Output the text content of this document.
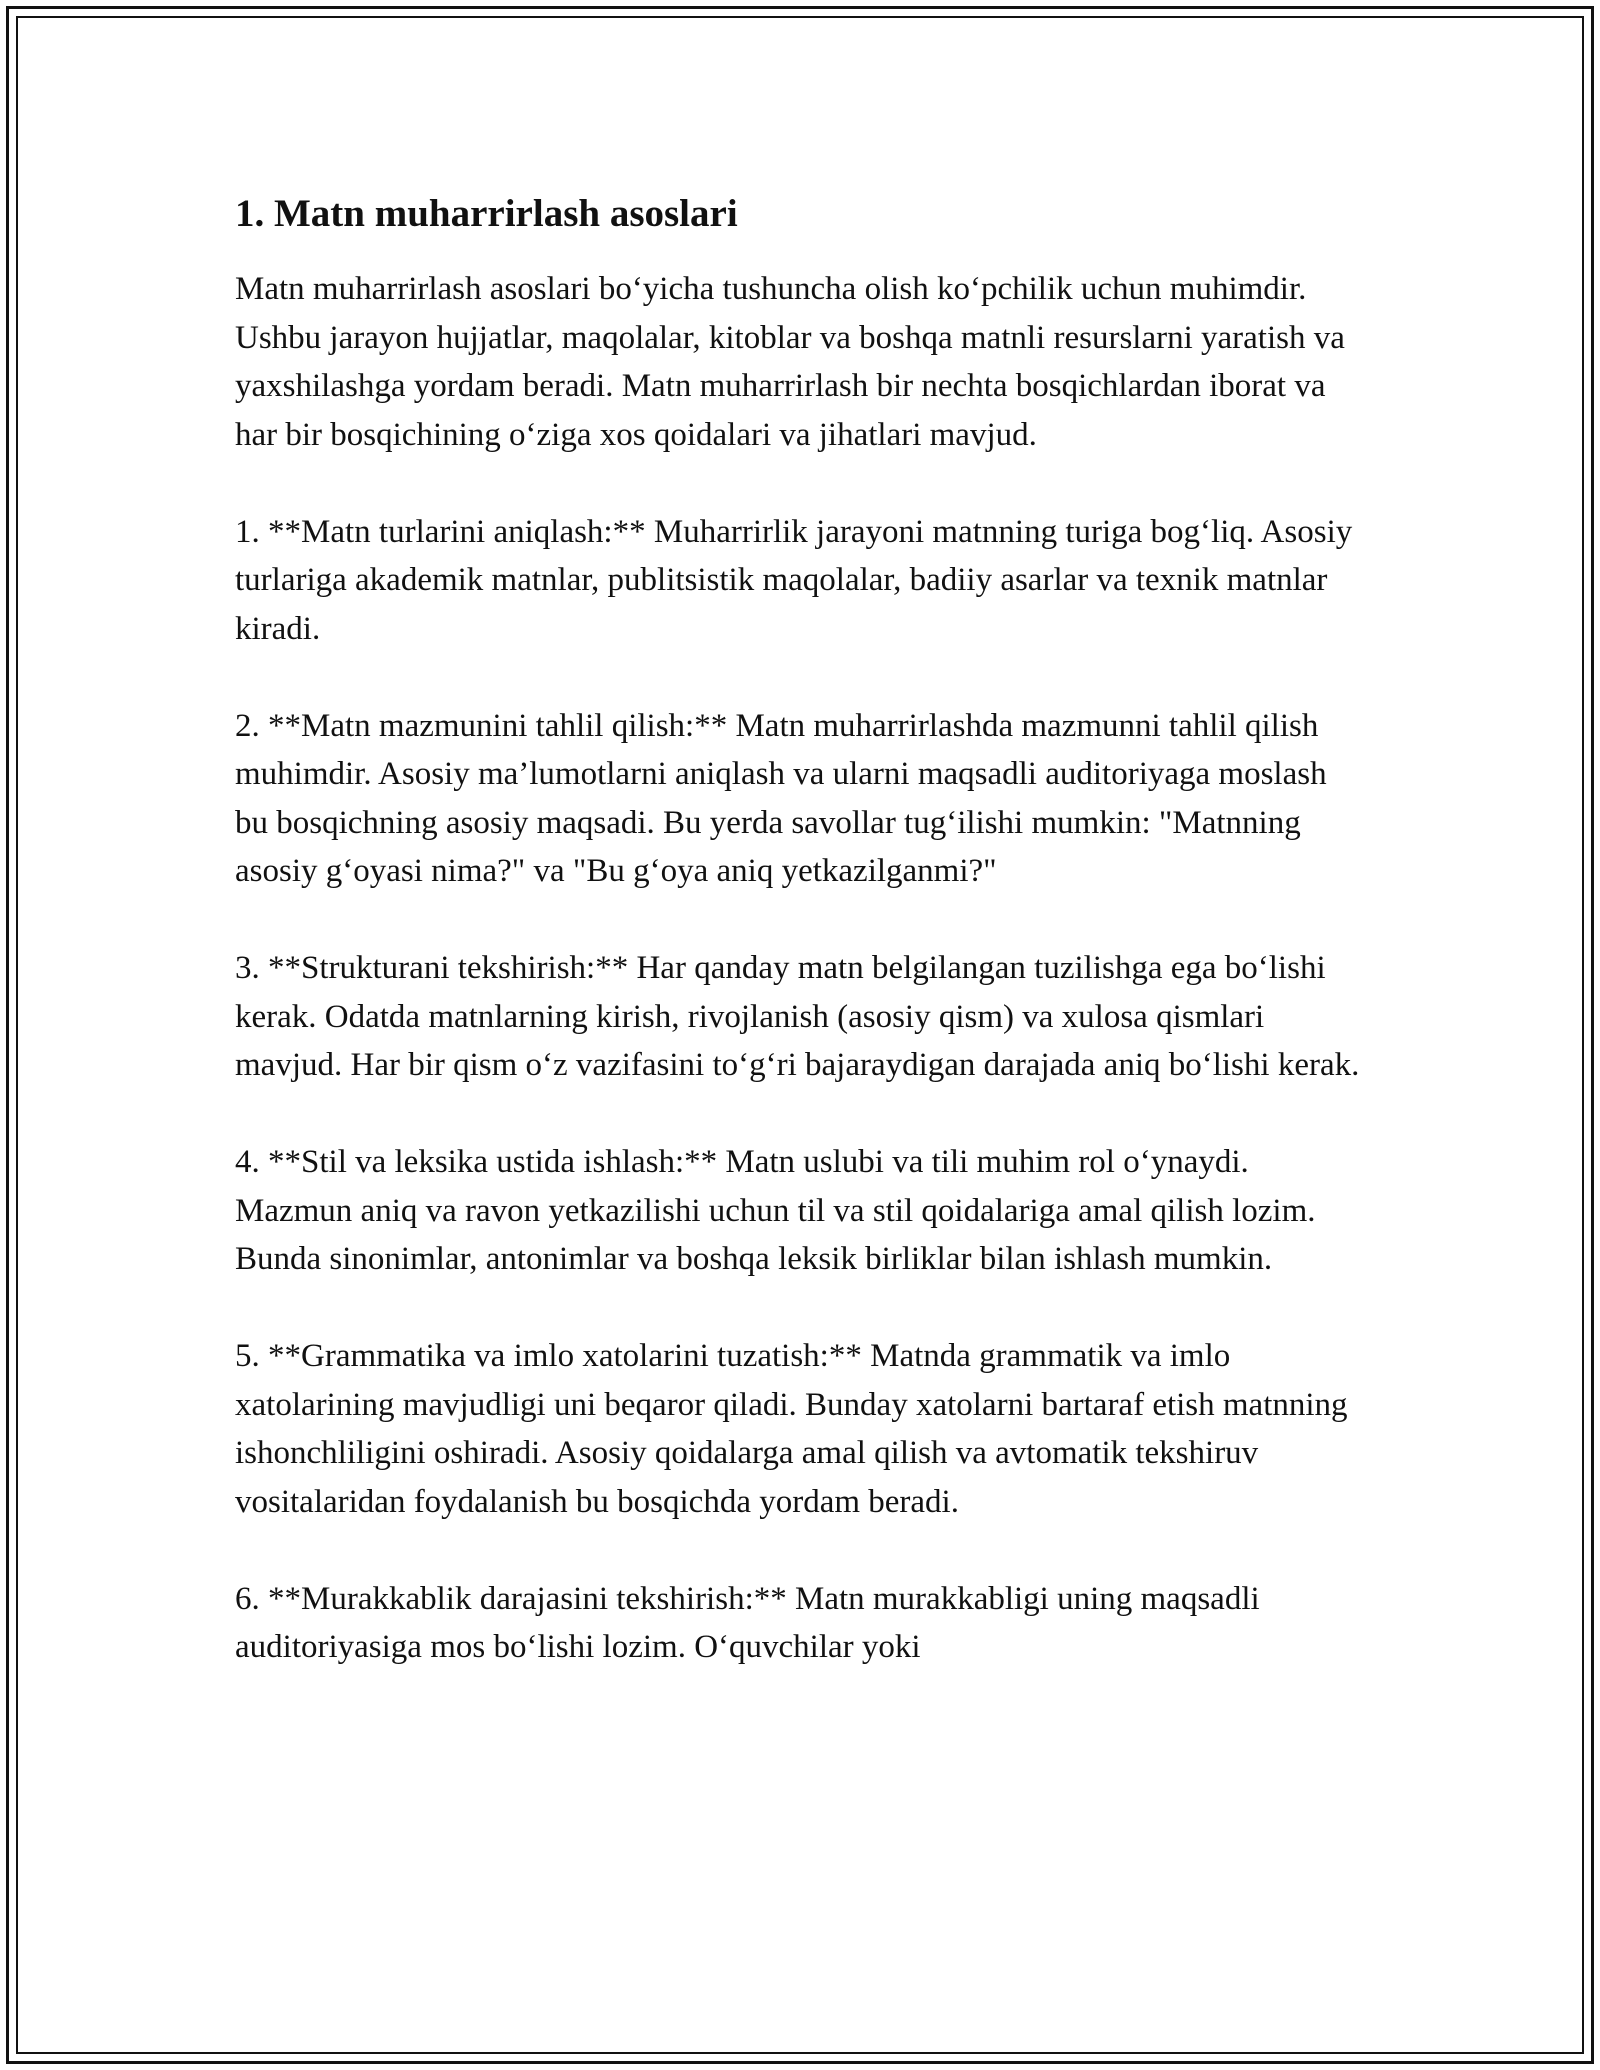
1. Matn muharrirlash asoslari

Matn muharrirlash asoslari bo‘yicha tushuncha olish ko‘pchilik uchun muhimdir. Ushbu jarayon hujjatlar, maqolalar, kitoblar va boshqa matnli resurslarni yaratish va yaxshilashga yordam beradi. Matn muharrirlash bir nechta bosqichlardan iborat va har bir bosqichining o‘ziga xos qoidalari va jihatlari mavjud.

1. **Matn turlarini aniqlash:** Muharrirlik jarayoni matnning turiga bog‘liq. Asosiy turlariga akademik matnlar, publitsistik maqolalar, badiiy asarlar va texnik matnlar kiradi.

2. **Matn mazmunini tahlil qilish:** Matn muharrirlashda mazmunni tahlil qilish muhimdir. Asosiy ma’lumotlarni aniqlash va ularni maqsadli auditoriyaga moslash bu bosqichning asosiy maqsadi. Bu yerda savollar tug‘ilishi mumkin: "Matnning asosiy g‘oyasi nima?" va "Bu g‘oya aniq yetkazilganmi?"

3. **Strukturani tekshirish:** Har qanday matn belgilangan tuzilishga ega bo‘lishi kerak. Odatda matnlarning kirish, rivojlanish (asosiy qism) va xulosa qismlari mavjud. Har bir qism o‘z vazifasini to‘g‘ri bajaraydigan darajada aniq bo‘lishi kerak.

4. **Stil va leksika ustida ishlash:** Matn uslubi va tili muhim rol o‘ynaydi. Mazmun aniq va ravon yetkazilishi uchun til va stil qoidalariga amal qilish lozim. Bunda sinonimlar, antonimlar va boshqa leksik birliklar bilan ishlash mumkin.

5. **Grammatika va imlo xatolarini tuzatish:** Matnda grammatik va imlo xatolarining mavjudligi uni beqaror qiladi. Bunday xatolarni bartaraf etish matnning ishonchliligini oshiradi. Asosiy qoidalarga amal qilish va avtomatik tekshiruv vositalaridan foydalanish bu bosqichda yordam beradi.

6. **Murakkablik darajasini tekshirish:** Matn murakkabligi uning maqsadli auditoriyasiga mos bo‘lishi lozim. O‘quvchilar yoki
